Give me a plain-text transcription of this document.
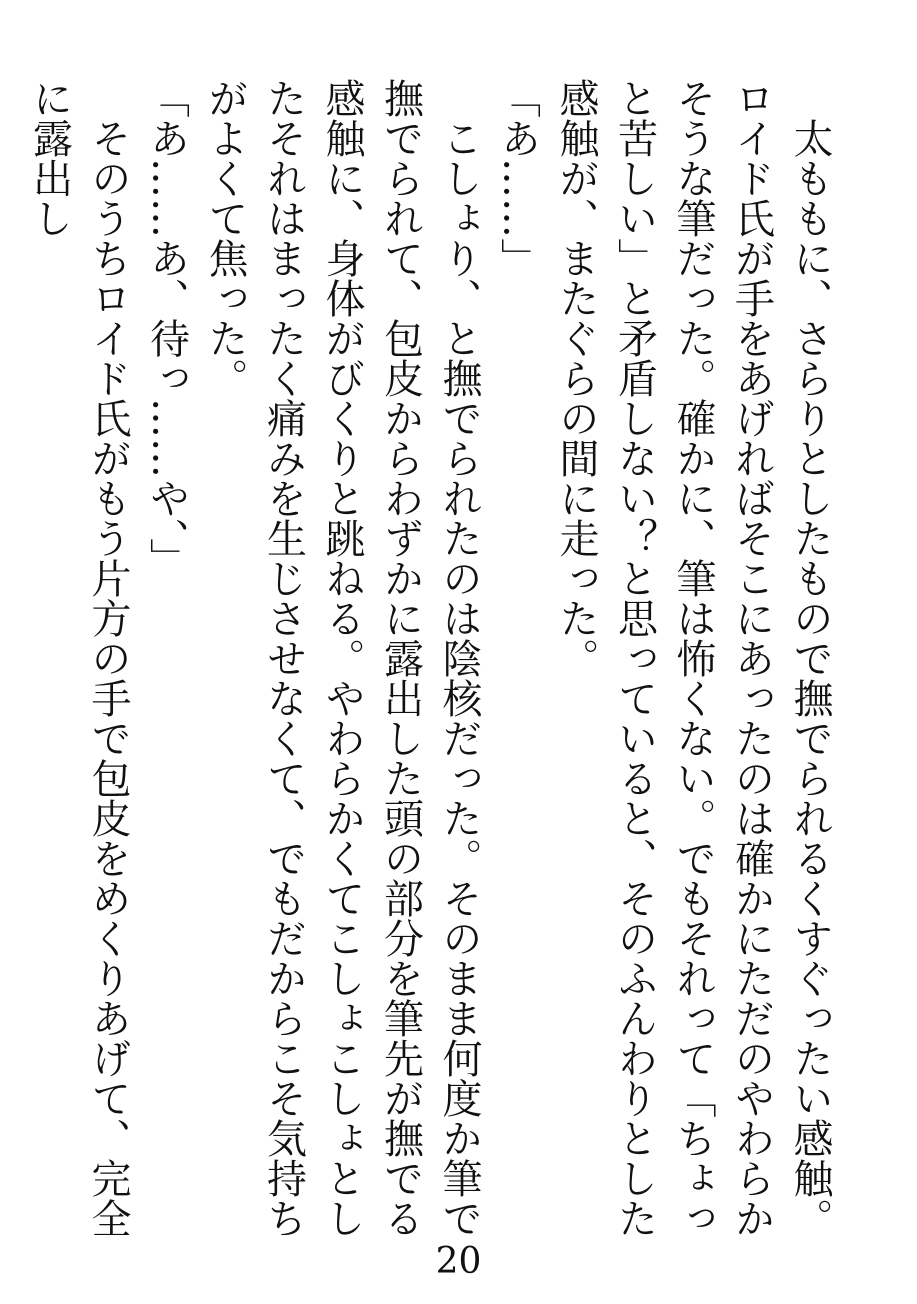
太ももに、さらりとしたもので撫でられるくすぐったい感触。ロイド氏が手をあげればそこにあったのは確かにただのやわらかそうな筆だった。確かに、筆は怖くない。でもそれって「ちょっと苦しい」と矛盾しない？と思っていると、そのふんわりとした感触が、またぐらの間に走った。

「あ……」

こしょり、と撫でられたのは陰核だった。そのまま何度か筆で撫でられて、包皮からわずかに露出した頭の部分を筆先が撫でる感触に、身体がびくりと跳ねる。やわらかくてこしょこしょとしたそれはまったく痛みを生じさせなくて、でもだからこそ気持ちがよくて焦った。

「あ……あ、待っ……や、」

そのうちロイド氏がもう片方の手で包皮をめくりあげて、完全に露出し

20
